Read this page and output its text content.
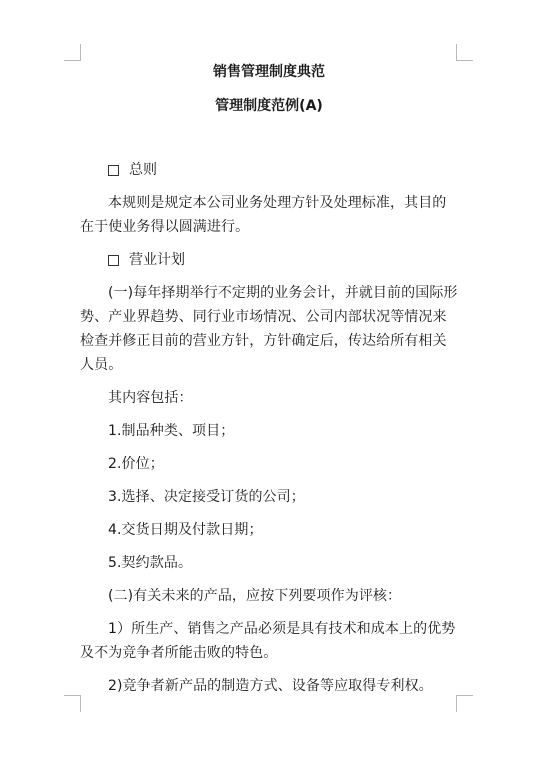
销售管理制度典范

管理制度范例(A)

总则

本规则是规定本公司业务处理方针及处理标准，其目的在于使业务得以圆满进行。

营业计划

(一)每年择期举行不定期的业务会计，并就目前的国际形势、产业界趋势、同行业市场情况、公司内部状况等情况来检查并修正目前的营业方针，方针确定后，传达给所有相关人员。

其内容包括：

1.制品种类、项目；

2.价位；

3.选择、决定接受订货的公司；

4.交货日期及付款日期；

5.契约款品。

(二)有关未来的产品，应按下列要项作为评核：

1）所生产、销售之产品必须是具有技术和成本上的优势及不为竞争者所能击败的特色。

2)竞争者新产品的制造方式、设备等应取得专利权。
